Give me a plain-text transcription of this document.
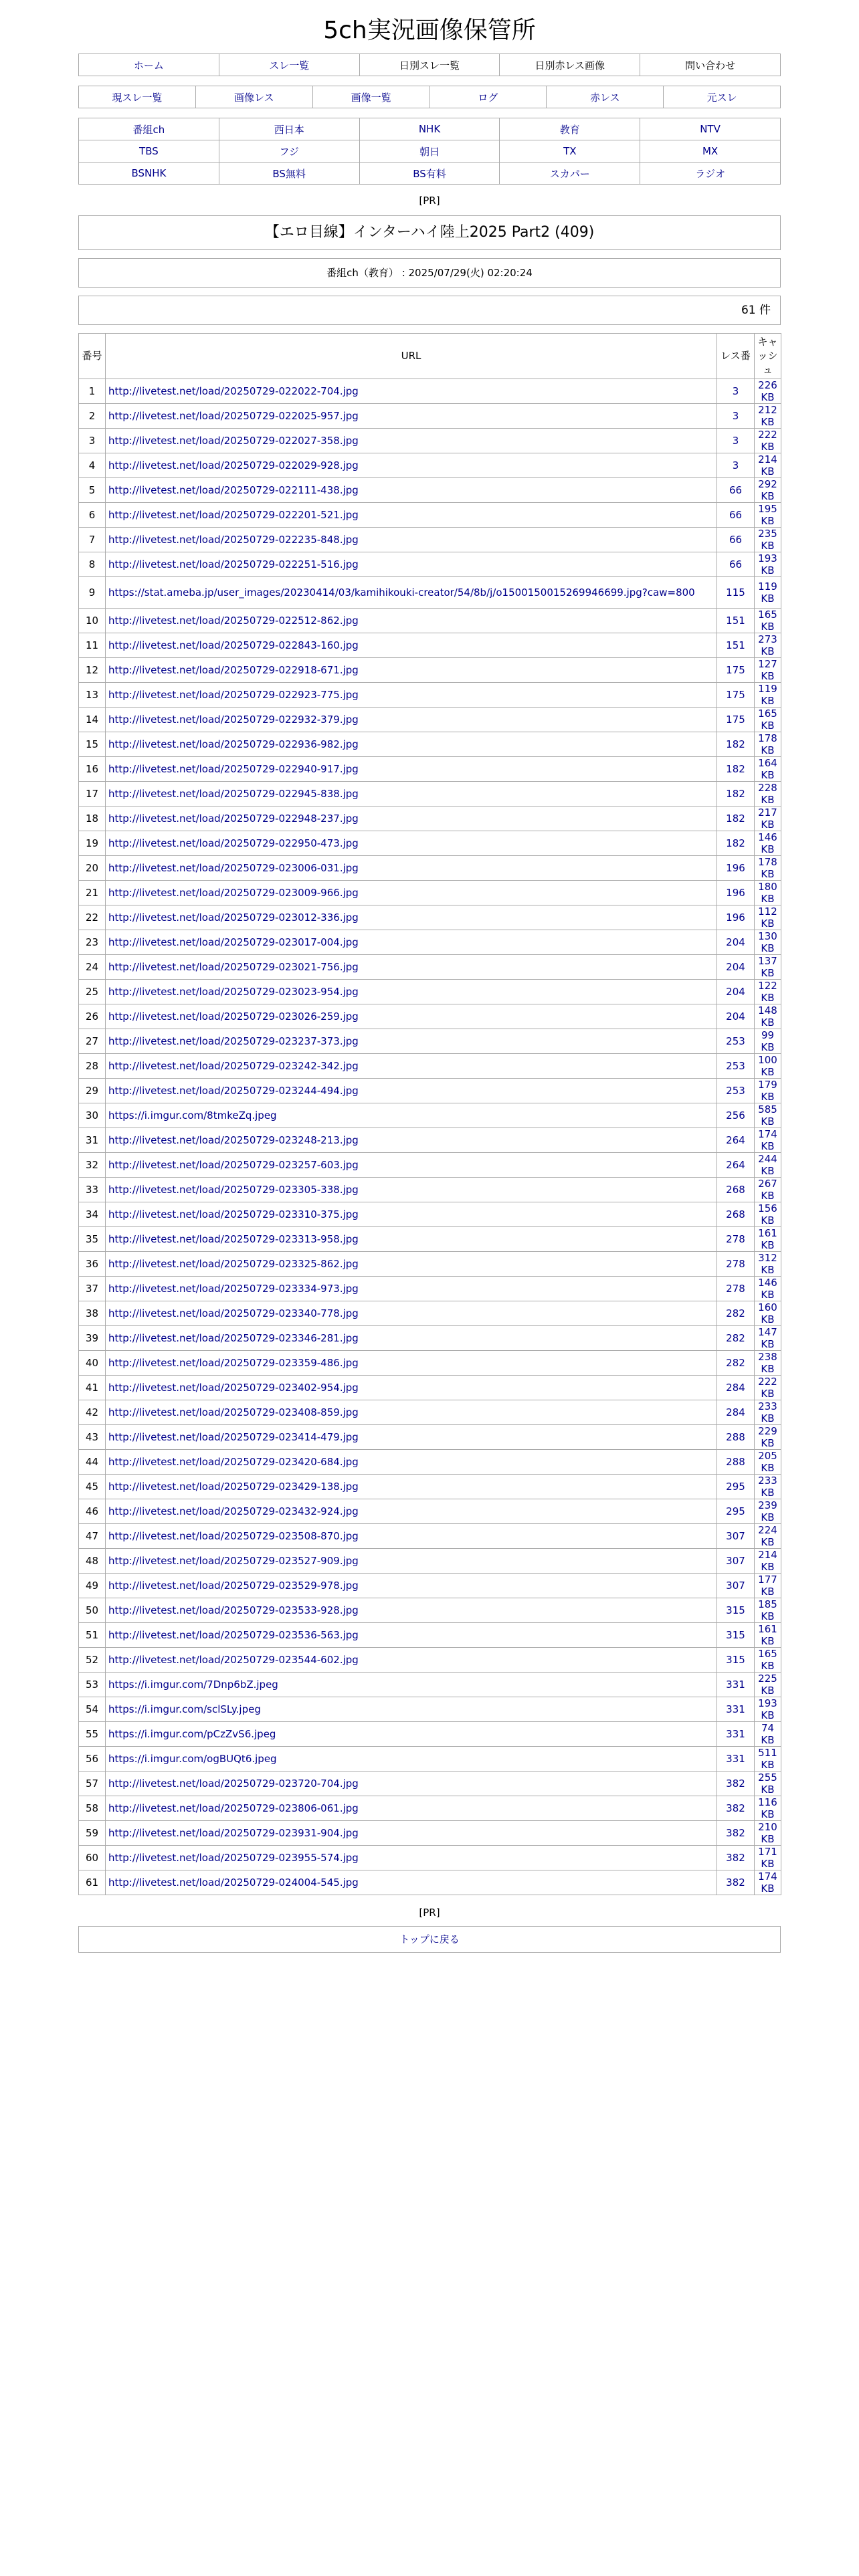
5ch実況画像保管所
ホーム	スレ一覧	日別スレ一覧	日別赤レス画像	問い合わせ
現スレ一覧	画像レス	画像一覧	ログ	赤レス	元スレ
番組ch	西日本	NHK	教育	NTV
TBS	フジ	朝日	TX	MX
BSNHK	BS無料	BS有料	スカパー	ラジオ
[PR]
【エロ目線】インターハイ陸上2025 Part2 (409)
番組ch（教育） : 2025/07/29(火) 02:20:24
61 件
番号	URL	レス番	キャッシュ
1	http://livetest.net/load/20250729-022022-704.jpg	3	226 KB
2	http://livetest.net/load/20250729-022025-957.jpg	3	212 KB
3	http://livetest.net/load/20250729-022027-358.jpg	3	222 KB
4	http://livetest.net/load/20250729-022029-928.jpg	3	214 KB
5	http://livetest.net/load/20250729-022111-438.jpg	66	292 KB
6	http://livetest.net/load/20250729-022201-521.jpg	66	195 KB
7	http://livetest.net/load/20250729-022235-848.jpg	66	235 KB
8	http://livetest.net/load/20250729-022251-516.jpg	66	193 KB
9	https://stat.ameba.jp/user_images/20230414/03/kamihikouki-creator/54/8b/j/o1500150015269946699.jpg?caw=800	115	119 KB
10	http://livetest.net/load/20250729-022512-862.jpg	151	165 KB
11	http://livetest.net/load/20250729-022843-160.jpg	151	273 KB
12	http://livetest.net/load/20250729-022918-671.jpg	175	127 KB
13	http://livetest.net/load/20250729-022923-775.jpg	175	119 KB
14	http://livetest.net/load/20250729-022932-379.jpg	175	165 KB
15	http://livetest.net/load/20250729-022936-982.jpg	182	178 KB
16	http://livetest.net/load/20250729-022940-917.jpg	182	164 KB
17	http://livetest.net/load/20250729-022945-838.jpg	182	228 KB
18	http://livetest.net/load/20250729-022948-237.jpg	182	217 KB
19	http://livetest.net/load/20250729-022950-473.jpg	182	146 KB
20	http://livetest.net/load/20250729-023006-031.jpg	196	178 KB
21	http://livetest.net/load/20250729-023009-966.jpg	196	180 KB
22	http://livetest.net/load/20250729-023012-336.jpg	196	112 KB
23	http://livetest.net/load/20250729-023017-004.jpg	204	130 KB
24	http://livetest.net/load/20250729-023021-756.jpg	204	137 KB
25	http://livetest.net/load/20250729-023023-954.jpg	204	122 KB
26	http://livetest.net/load/20250729-023026-259.jpg	204	148 KB
27	http://livetest.net/load/20250729-023237-373.jpg	253	99 KB
28	http://livetest.net/load/20250729-023242-342.jpg	253	100 KB
29	http://livetest.net/load/20250729-023244-494.jpg	253	179 KB
30	https://i.imgur.com/8tmkeZq.jpeg	256	585 KB
31	http://livetest.net/load/20250729-023248-213.jpg	264	174 KB
32	http://livetest.net/load/20250729-023257-603.jpg	264	244 KB
33	http://livetest.net/load/20250729-023305-338.jpg	268	267 KB
34	http://livetest.net/load/20250729-023310-375.jpg	268	156 KB
35	http://livetest.net/load/20250729-023313-958.jpg	278	161 KB
36	http://livetest.net/load/20250729-023325-862.jpg	278	312 KB
37	http://livetest.net/load/20250729-023334-973.jpg	278	146 KB
38	http://livetest.net/load/20250729-023340-778.jpg	282	160 KB
39	http://livetest.net/load/20250729-023346-281.jpg	282	147 KB
40	http://livetest.net/load/20250729-023359-486.jpg	282	238 KB
41	http://livetest.net/load/20250729-023402-954.jpg	284	222 KB
42	http://livetest.net/load/20250729-023408-859.jpg	284	233 KB
43	http://livetest.net/load/20250729-023414-479.jpg	288	229 KB
44	http://livetest.net/load/20250729-023420-684.jpg	288	205 KB
45	http://livetest.net/load/20250729-023429-138.jpg	295	233 KB
46	http://livetest.net/load/20250729-023432-924.jpg	295	239 KB
47	http://livetest.net/load/20250729-023508-870.jpg	307	224 KB
48	http://livetest.net/load/20250729-023527-909.jpg	307	214 KB
49	http://livetest.net/load/20250729-023529-978.jpg	307	177 KB
50	http://livetest.net/load/20250729-023533-928.jpg	315	185 KB
51	http://livetest.net/load/20250729-023536-563.jpg	315	161 KB
52	http://livetest.net/load/20250729-023544-602.jpg	315	165 KB
53	https://i.imgur.com/7Dnp6bZ.jpeg	331	225 KB
54	https://i.imgur.com/sclSLy.jpeg	331	193 KB
55	https://i.imgur.com/pCzZvS6.jpeg	331	74 KB
56	https://i.imgur.com/ogBUQt6.jpeg	331	511 KB
57	http://livetest.net/load/20250729-023720-704.jpg	382	255 KB
58	http://livetest.net/load/20250729-023806-061.jpg	382	116 KB
59	http://livetest.net/load/20250729-023931-904.jpg	382	210 KB
60	http://livetest.net/load/20250729-023955-574.jpg	382	171 KB
61	http://livetest.net/load/20250729-024004-545.jpg	382	174 KB
[PR]
トップに戻る
